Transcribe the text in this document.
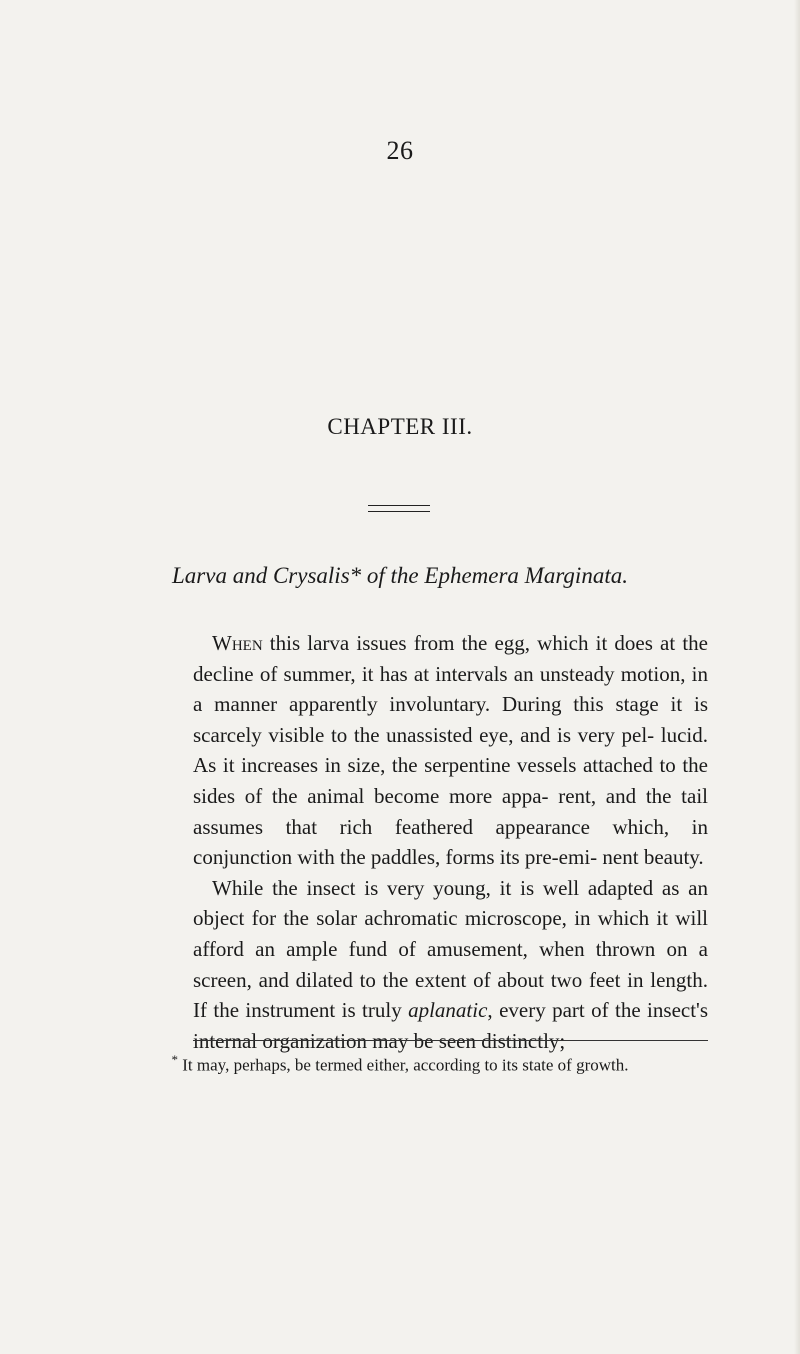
26
CHAPTER III.
Larva and Crysalis* of the Ephemera Marginata.

When this larva issues from the egg, which it does at the decline of summer, it has at intervals an unsteady motion, in a manner apparently involuntary. During this stage it is scarcely visible to the unassisted eye, and is very pel- lucid. As it increases in size, the serpentine vessels attached to the sides of the animal become more appa- rent, and the tail assumes that rich feathered appearance which, in conjunction with the paddles, forms its pre-emi- nent beauty.

While the insect is very young, it is well adapted as an object for the solar achromatic microscope, in which it will afford an ample fund of amusement, when thrown on a screen, and dilated to the extent of about two feet in length. If the instrument is truly aplanatic, every part of the insect's internal organization may be seen distinctly;

* It may, perhaps, be termed either, according to its state of growth.
